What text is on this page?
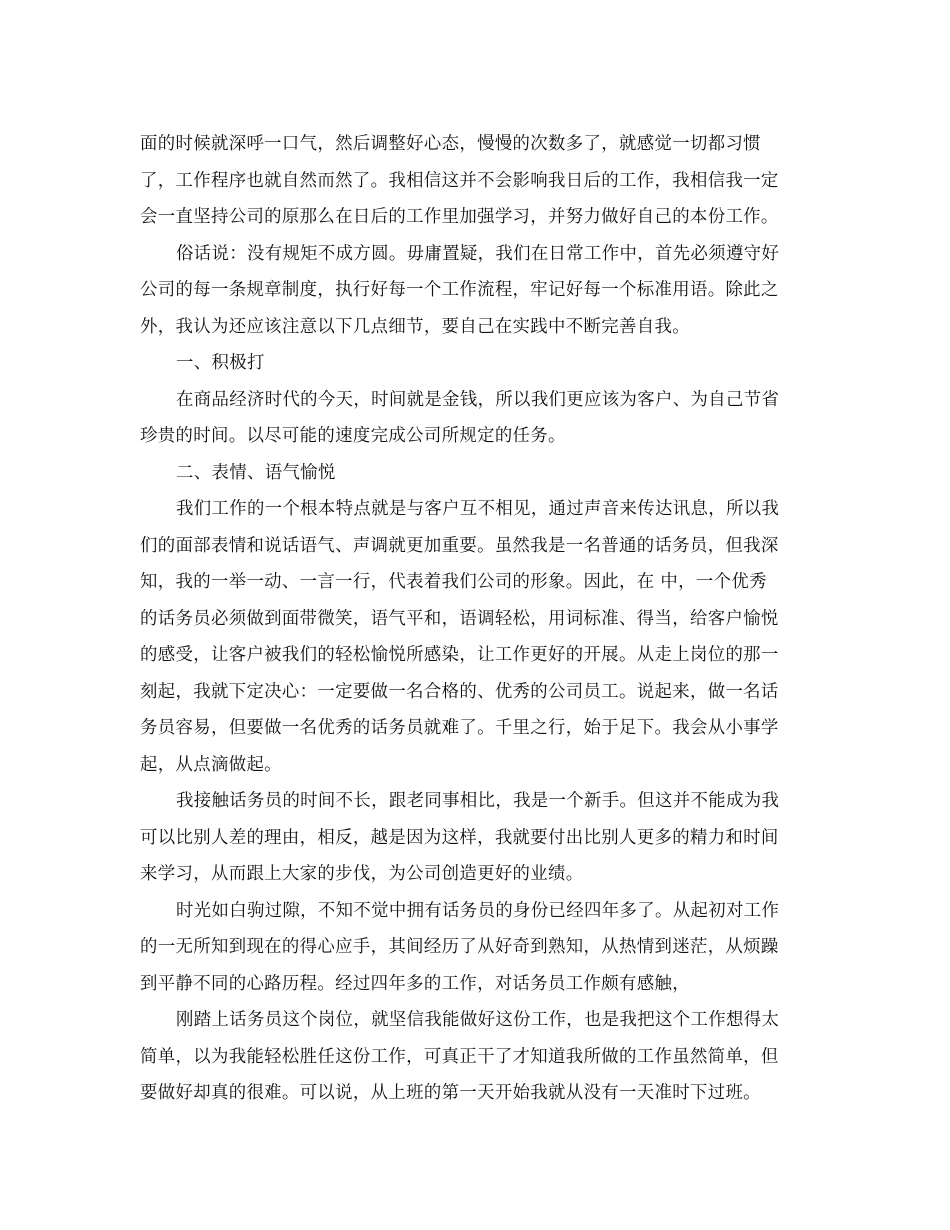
面的时候就深呼一口气，然后调整好心态，慢慢的次数多了，就感觉一切都习惯
了，工作程序也就自然而然了。我相信这并不会影响我日后的工作，我相信我一定
会一直坚持公司的原那么在日后的工作里加强学习，并努力做好自己的本份工作。
俗话说：没有规矩不成方圆。毋庸置疑，我们在日常工作中，首先必须遵守好
公司的每一条规章制度，执行好每一个工作流程，牢记好每一个标准用语。除此之
外，我认为还应该注意以下几点细节，要自己在实践中不断完善自我。
一、积极打
在商品经济时代的今天，时间就是金钱，所以我们更应该为客户、为自己节省
珍贵的时间。以尽可能的速度完成公司所规定的任务。
二、表情、语气愉悦
我们工作的一个根本特点就是与客户互不相见，通过声音来传达讯息，所以我
们的面部表情和说话语气、声调就更加重要。虽然我是一名普通的话务员，但我深
知，我的一举一动、一言一行，代表着我们公司的形象。因此，在 中，一个优秀
的话务员必须做到面带微笑，语气平和，语调轻松，用词标准、得当，给客户愉悦
的感受，让客户被我们的轻松愉悦所感染，让工作更好的开展。从走上岗位的那一
刻起，我就下定决心：一定要做一名合格的、优秀的公司员工。说起来，做一名话
务员容易，但要做一名优秀的话务员就难了。千里之行，始于足下。我会从小事学
起，从点滴做起。
我接触话务员的时间不长，跟老同事相比，我是一个新手。但这并不能成为我
可以比别人差的理由，相反，越是因为这样，我就要付出比别人更多的精力和时间
来学习，从而跟上大家的步伐，为公司创造更好的业绩。
时光如白驹过隙，不知不觉中拥有话务员的身份已经四年多了。从起初对工作
的一无所知到现在的得心应手，其间经历了从好奇到熟知，从热情到迷茫，从烦躁
到平静不同的心路历程。经过四年多的工作，对话务员工作颇有感触，
刚踏上话务员这个岗位，就坚信我能做好这份工作，也是我把这个工作想得太
简单，以为我能轻松胜任这份工作，可真正干了才知道我所做的工作虽然简单，但
要做好却真的很难。可以说，从上班的第一天开始我就从没有一天准时下过班。
